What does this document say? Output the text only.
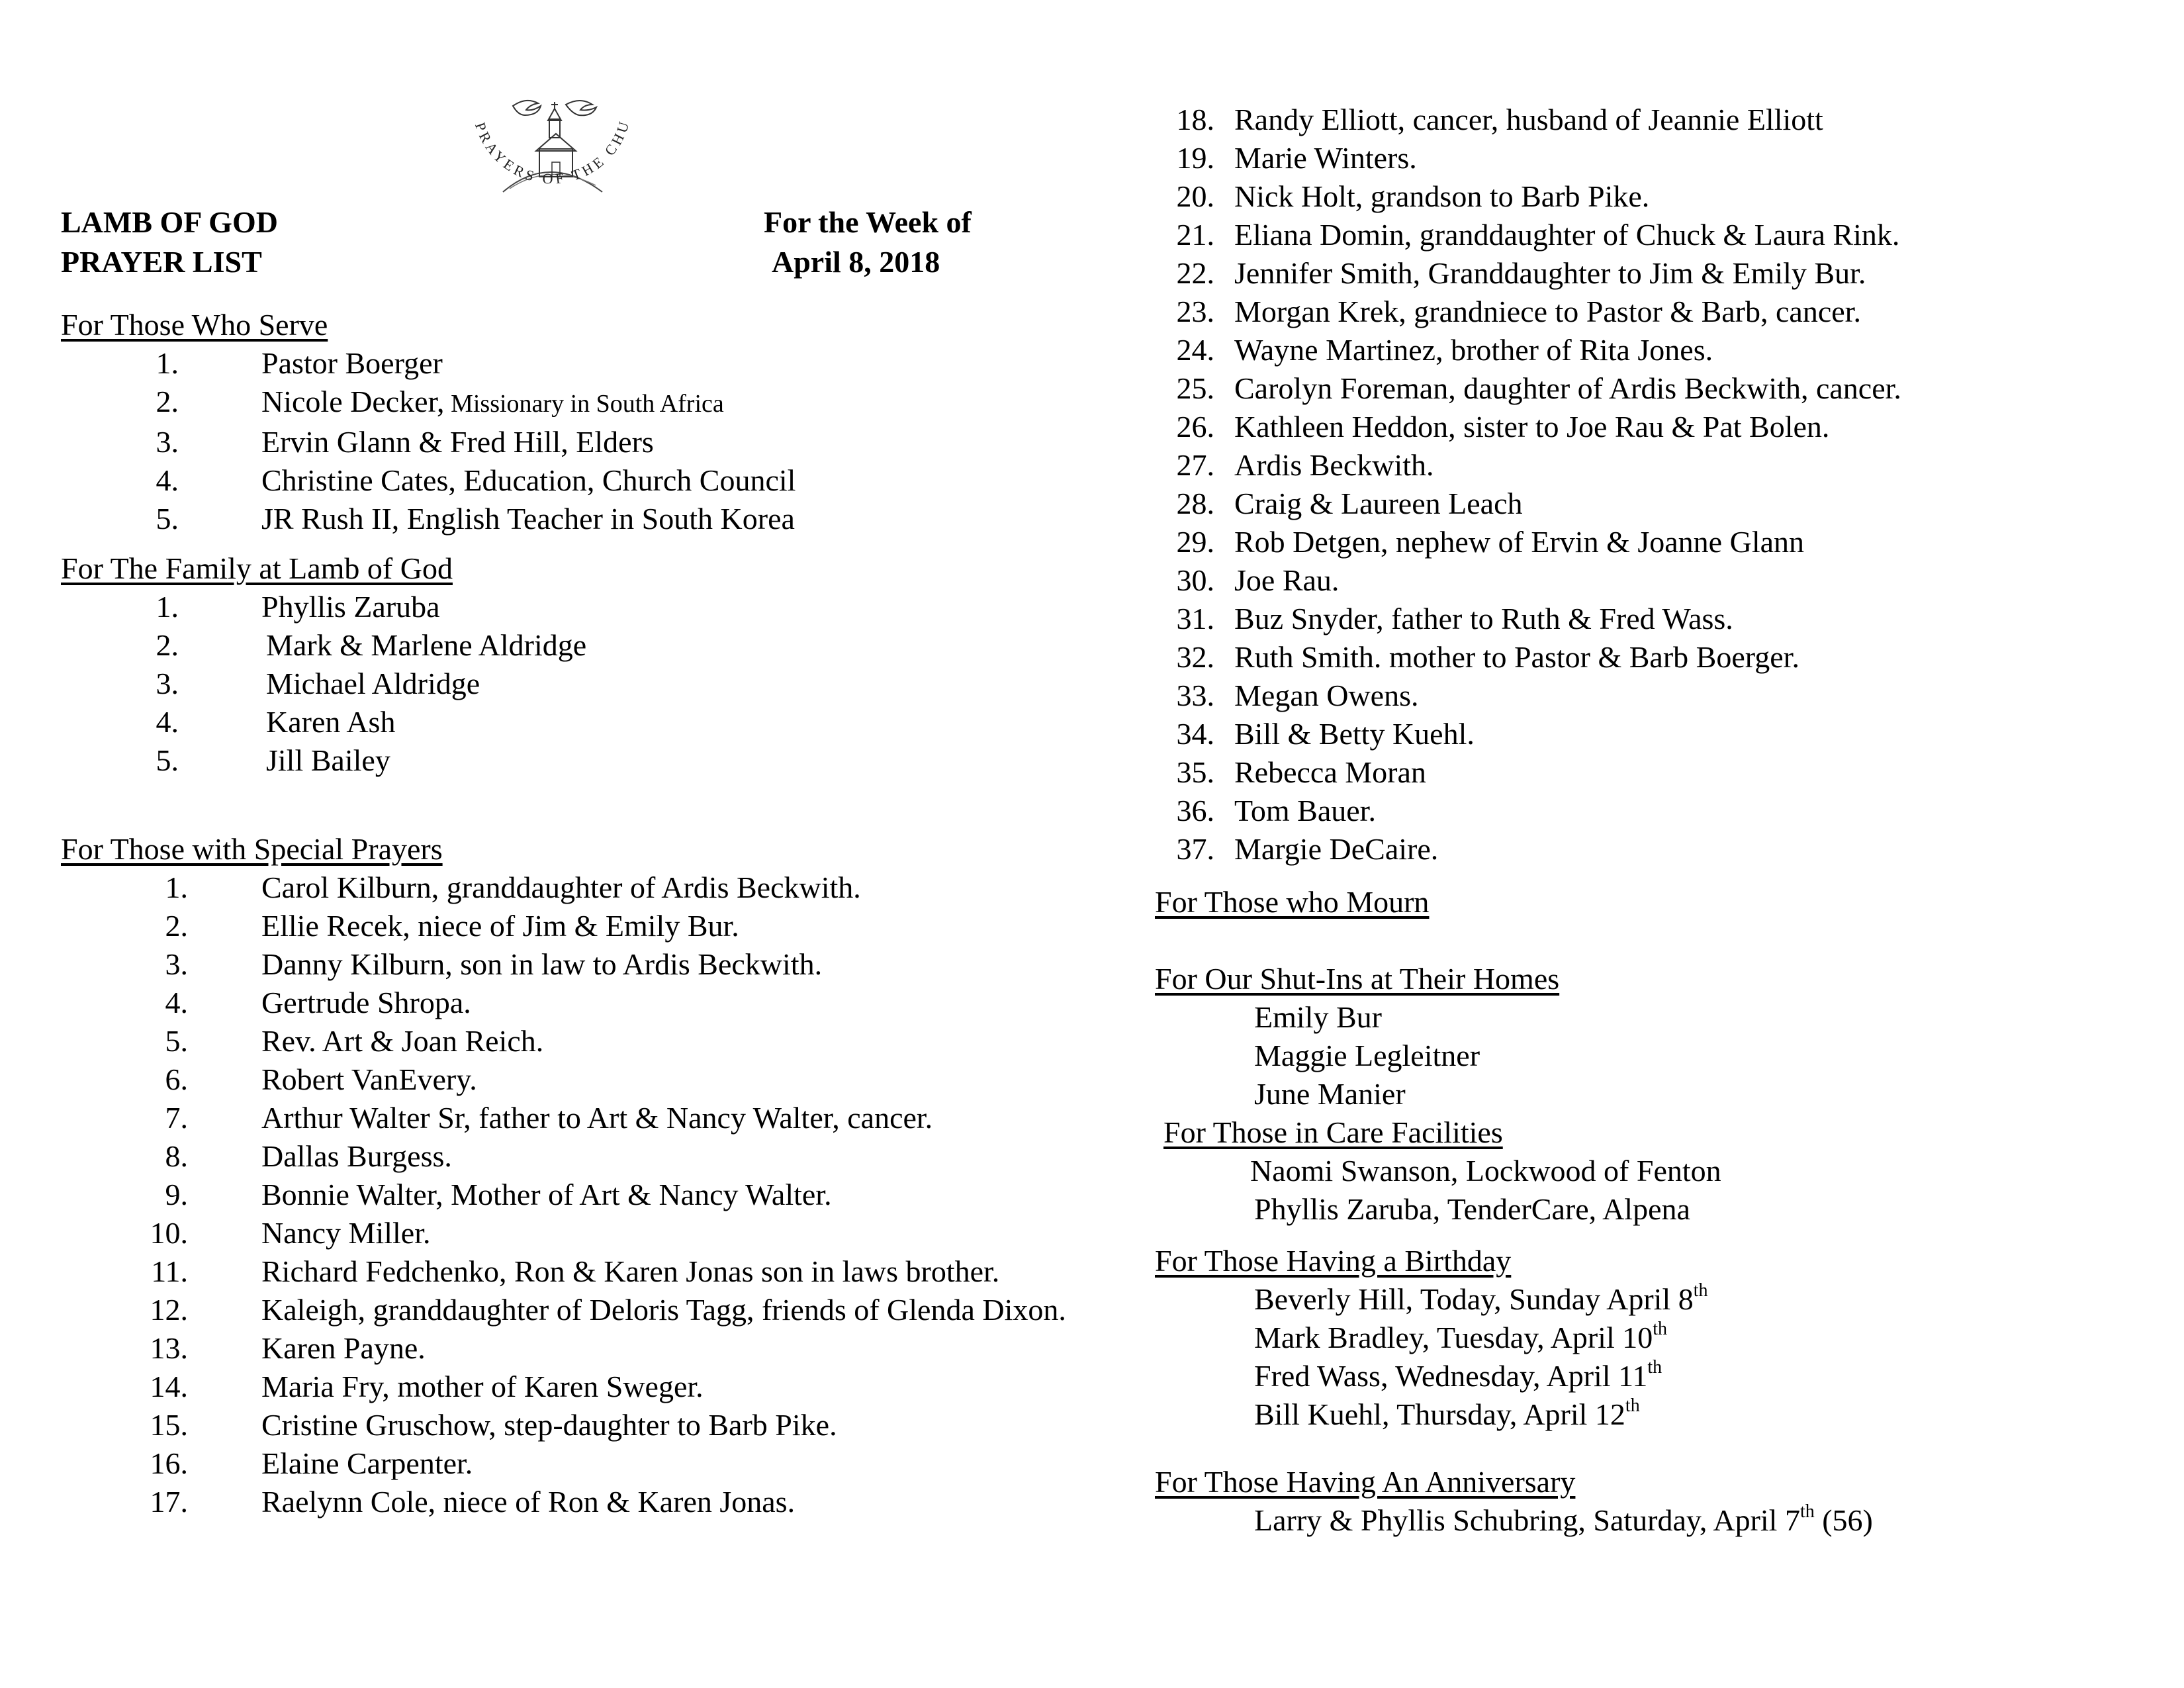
PRAYERS OF THE CHU
LAMB OF GOD
PRAYER LIST
For the Week of
April 8, 2018
For Those Who Serve
1.	Pastor Boerger
2.	Nicole Decker, Missionary in South Africa
3.	Ervin Glann & Fred Hill, Elders
4.	Christine Cates, Education, Church Council
5.	JR Rush II, English Teacher in South Korea
For The Family at Lamb of God
1.	Phyllis Zaruba
2.	Mark & Marlene Aldridge
3.	Michael Aldridge
4.	Karen Ash
5.	Jill Bailey
For Those with Special Prayers
1. Carol Kilburn, granddaughter of Ardis Beckwith.
2. Ellie Recek, niece of Jim & Emily Bur.
3. Danny Kilburn, son in law to Ardis Beckwith.
4. Gertrude Shropa.
5. Rev. Art & Joan Reich.
6. Robert VanEvery.
7. Arthur Walter Sr, father to Art & Nancy Walter, cancer.
8. Dallas Burgess.
9. Bonnie Walter, Mother of Art & Nancy Walter.
10. Nancy Miller.
11. Richard Fedchenko, Ron & Karen Jonas son in laws brother.
12. Kaleigh, granddaughter of Deloris Tagg, friends of Glenda Dixon.
13. Karen Payne.
14. Maria Fry, mother of Karen Sweger.
15. Cristine Gruschow, step-daughter to Barb Pike.
16. Elaine Carpenter.
17. Raelynn Cole, niece of Ron & Karen Jonas.
18. Randy Elliott, cancer, husband of Jeannie Elliott
19. Marie Winters.
20. Nick Holt, grandson to Barb Pike.
21. Eliana Domin, granddaughter of Chuck & Laura Rink.
22. Jennifer Smith, Granddaughter to Jim & Emily Bur.
23. Morgan Krek, grandniece to Pastor & Barb, cancer.
24. Wayne Martinez, brother of Rita Jones.
25. Carolyn Foreman, daughter of Ardis Beckwith, cancer.
26. Kathleen Heddon, sister to Joe Rau & Pat Bolen.
27. Ardis Beckwith.
28. Craig & Laureen Leach
29. Rob Detgen, nephew of Ervin & Joanne Glann
30. Joe Rau.
31. Buz Snyder, father to Ruth & Fred Wass.
32. Ruth Smith. mother to Pastor & Barb Boerger.
33. Megan Owens.
34. Bill & Betty Kuehl.
35. Rebecca Moran
36. Tom Bauer.
37. Margie DeCaire.
For Those who Mourn
For Our Shut-Ins at Their Homes
Emily Bur
Maggie Legleitner
June Manier
For Those in Care Facilities
Naomi Swanson, Lockwood of Fenton
Phyllis Zaruba, TenderCare, Alpena
For Those Having a Birthday
Beverly Hill, Today, Sunday April 8th
Mark Bradley, Tuesday, April 10th
Fred Wass, Wednesday, April 11th
Bill Kuehl, Thursday, April 12th
For Those Having An Anniversary
Larry & Phyllis Schubring, Saturday, April 7th (56)
